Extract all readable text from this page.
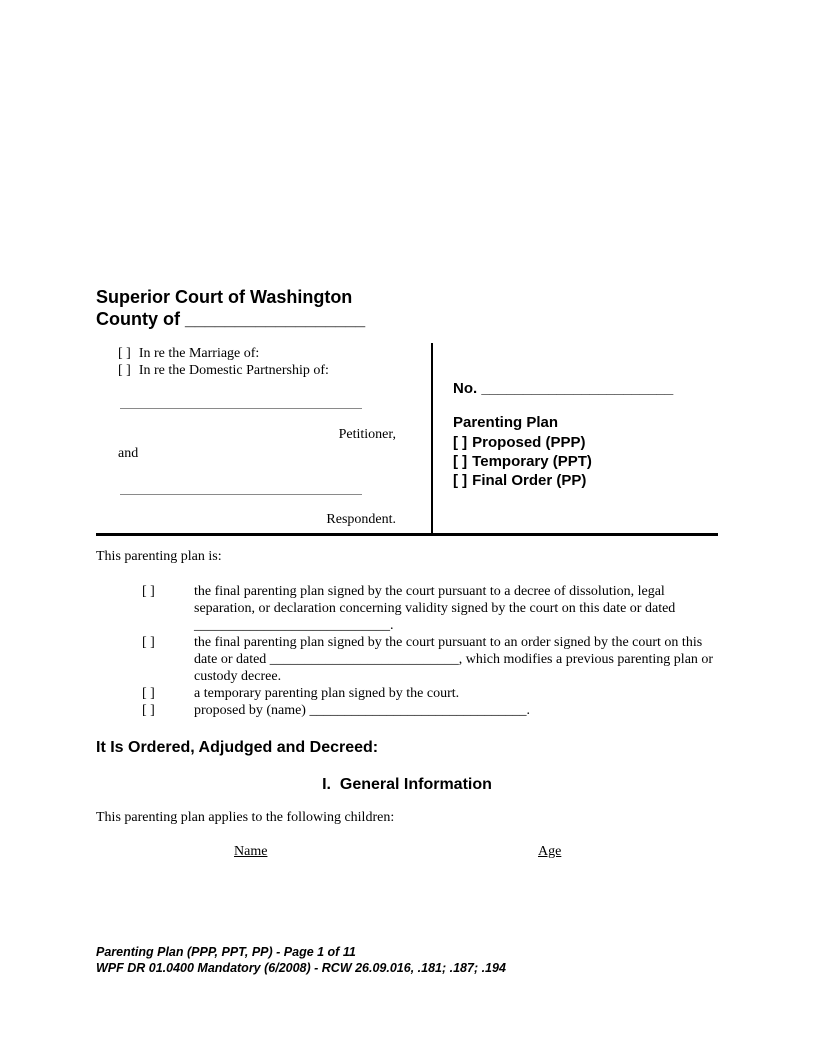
Superior Court of Washington
County of __________________
[ ] In re the Marriage of:
[ ] In re the Domestic Partnership of:
Petitioner,
and
Respondent.
No. _______________________
Parenting Plan
[ ] Proposed (PPP)
[ ] Temporary (PPT)
[ ] Final Order (PP)
This parenting plan is:
[ ]	the final parenting plan signed by the court pursuant to a decree of dissolution, legal separation, or declaration concerning validity signed by the court on this date or dated ____________________________.
[ ]	the final parenting plan signed by the court pursuant to an order signed by the court on this date or dated ___________________________, which modifies a previous parenting plan or custody decree.
[ ]	a temporary parenting plan signed by the court.
[ ]	proposed by (name) _______________________________.
It Is Ordered, Adjudged and Decreed:
I.  General Information
This parenting plan applies to the following children:
Name	Age
Parenting Plan (PPP, PPT, PP) - Page 1 of 11
WPF DR 01.0400 Mandatory (6/2008) - RCW 26.09.016, .181; .187; .194
